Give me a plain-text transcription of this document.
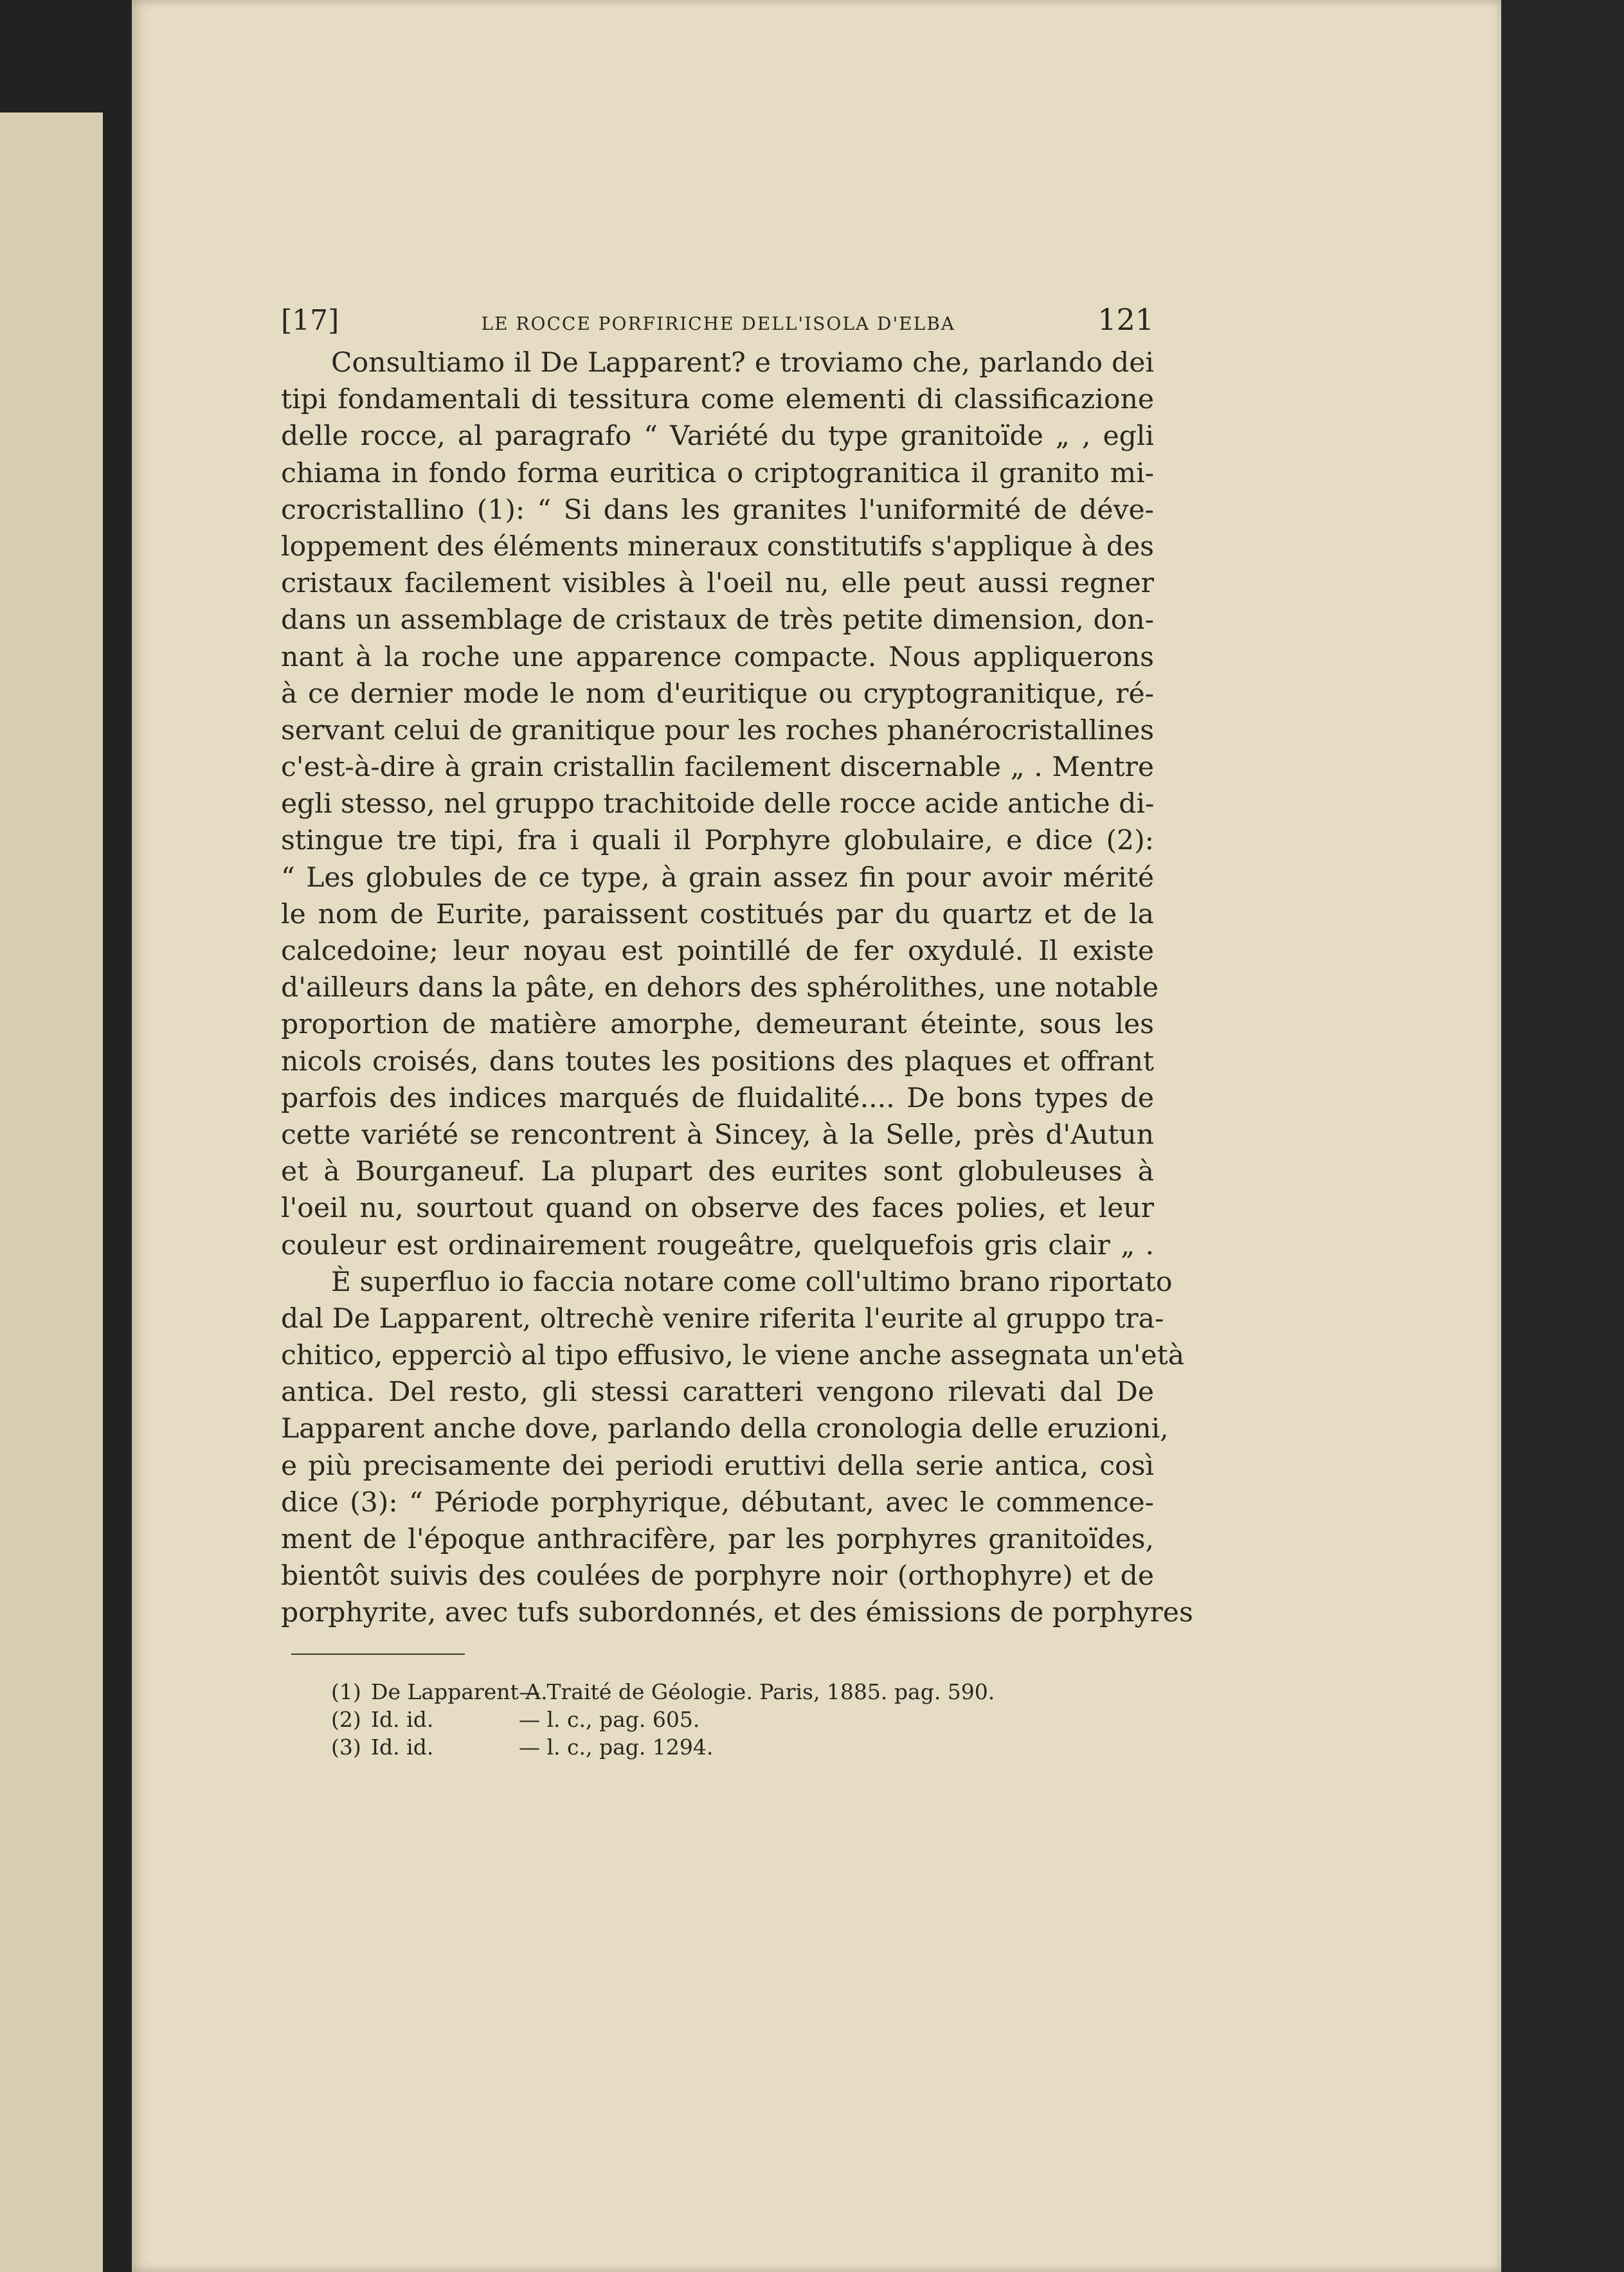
[17]	LE ROCCE PORFIRICHE DELL'ISOLA D'ELBA	121
Consultiamo il De Lapparent? e troviamo che, parlando dei
tipi fondamentali di tessitura come elementi di classificazione
delle rocce, al paragrafo “ Variété du type granitoïde „ , egli
chiama in fondo forma euritica o criptogranitica il granito mi-
crocristallino (1): “ Si dans les granites l'uniformité de déve-
loppement des éléments mineraux constitutifs s'applique à des
cristaux facilement visibles à l'oeil nu, elle peut aussi regner
dans un assemblage de cristaux de très petite dimension, don-
nant à la roche une apparence compacte. Nous appliquerons
à ce dernier mode le nom d'euritique ou cryptogranitique, ré-
servant celui de granitique pour les roches phanérocristallines
c'est-à-dire à grain cristallin facilement discernable „ . Mentre
egli stesso, nel gruppo trachitoide delle rocce acide antiche di-
stingue tre tipi, fra i quali il Porphyre globulaire, e dice (2):
“ Les globules de ce type, à grain assez fin pour avoir mérité
le nom de Eurite, paraissent costitués par du quartz et de la
calcedoine; leur noyau est pointillé de fer oxydulé. Il existe
d'ailleurs dans la pâte, en dehors des sphérolithes, une notable
proportion de matière amorphe, demeurant éteinte, sous les
nicols croisés, dans toutes les positions des plaques et offrant
parfois des indices marqués de fluidalité.... De bons types de
cette variété se rencontrent à Sincey, à la Selle, près d'Autun
et à Bourganeuf. La plupart des eurites sont globuleuses à
l'oeil nu, sourtout quand on observe des faces polies, et leur
couleur est ordinairement rougeâtre, quelquefois gris clair „ .
È superfluo io faccia notare come coll'ultimo brano riportato
dal De Lapparent, oltrechè venire riferita l'eurite al gruppo tra-
chitico, epperciò al tipo effusivo, le viene anche assegnata un'età
antica. Del resto, gli stessi caratteri vengono rilevati dal De
Lapparent anche dove, parlando della cronologia delle eruzioni,
e più precisamente dei periodi eruttivi della serie antica, così
dice (3): “ Période porphyrique, débutant, avec le commence-
ment de l'époque anthracifère, par les porphyres granitoïdes,
bientôt suivis des coulées de porphyre noir (orthophyre) et de
porphyrite, avec tufs subordonnés, et des émissions de porphyres
(1) De Lapparent A.
— Traité de Géologie. Paris, 1885. pag. 590.
(2) Id. id.	— l. c., pag. 605.
(3) Id. id.	— l. c., pag. 1294.
